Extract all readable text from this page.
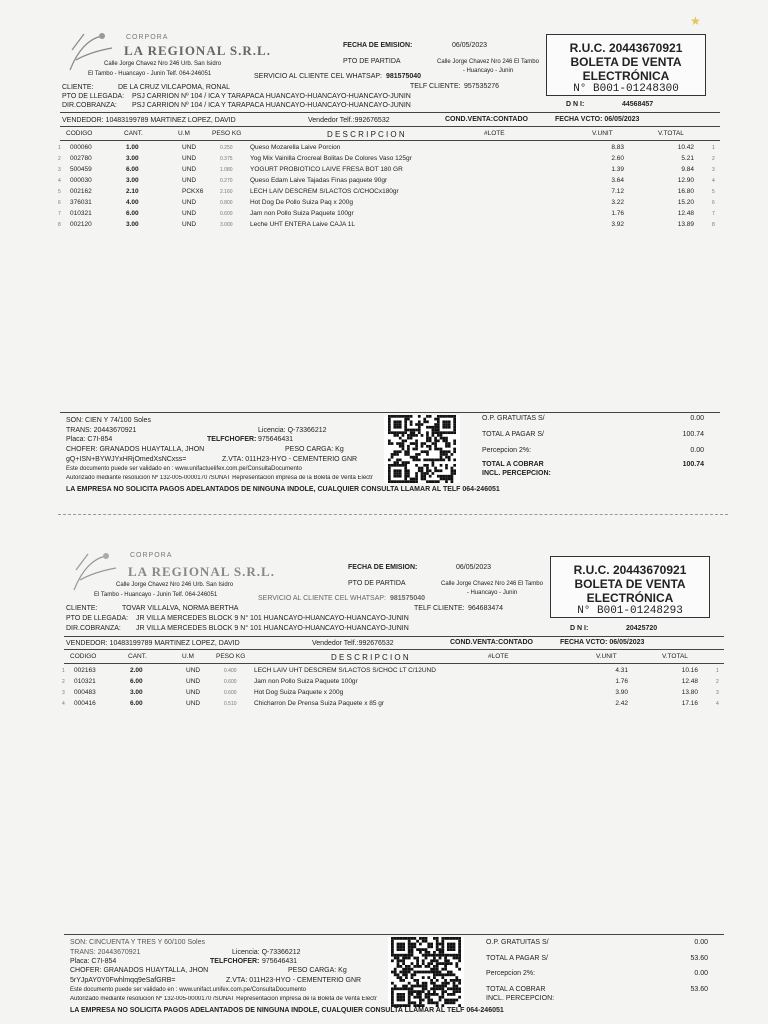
★
CORPORA
LA REGIONAL S.R.L.
Calle Jorge Chavez Nro 246 Urb. San Isidro
El Tambo - Huancayo - Junin Telf. 064-246051
FECHA DE EMISION:	06/05/2023
PTO DE PARTIDA	Calle Jorge Chavez Nro 246 El Tambo - Huancayo - Junin
SERVICIO AL CLIENTE CEL WHATSAP: 981575040
TELF CLIENTE: 957535276
R.U.C. 20443670921
BOLETA DE VENTA
ELECTRÓNICA
N° B001-01248300
D N I:	44568457
CLIENTE:	DE LA CRUZ VILCAPOMA, RONAL
PTO DE LLEGADA: PSJ CARRION Nº 104 / ICA Y TARAPACA HUANCAYO-HUANCAYO-HUANCAYO-JUNIN
DIR.COBRANZA: PSJ CARRION Nº 104 / ICA Y TARAPACA HUANCAYO-HUANCAYO-HUANCAYO-JUNIN
VENDEDOR: 10483199789 MARTINEZ LOPEZ, DAVID	Vendedor Telf.:992676532	COND.VENTA:CONTADO	FECHA VCTO: 06/05/2023
CODIGO	CANT.	U.M	PESO KG	D E S C R I P C I O N	#LOTE	V.UNIT	V.TOTAL
1 000060	1.00	UND	0.250	Queso Mozarella Laive Porcion	8.83	10.42	1
2 002780	3.00	UND	0.375	Yog Mix Vainilla Crocreal Bolitas De Colores Vaso 125gr	2.60	5.21	2
3 500459	6.00	UND	1.080	YOGURT PROBIOTICO LAIVE FRESA BOT 180 GR	1.39	9.84	3
4 000030	3.00	UND	0.270	Queso Edam Laive Tajadas Finas paquete 90gr	3.64	12.90	4
5 002162	2.10	PCKX6	2.160	LECH LAIV DESCREM S/LACTOS C/CHOCx180gr	7.12	16.80	5
6 376031	4.00	UND	0.800	Hot Dog De Pollo Suiza Paq x 200g	3.22	15.20	6
7 010321	6.00	UND	0.600	Jam non Pollo Suiza Paquete 100gr	1.76	12.48	7
8 002120	3.00	UND	3.000	Leche UHT ENTERA Laive CAJA 1L	3.92	13.89	8
SON: CIEN Y 74/100 Soles
TRANS: 20443670921	Licencia: Q-73366212
Placa: C7I-854	TELFCHOFER: 975646431
CHOFER: GRANADOS HUAYTALLA, JHON	PESO CARGA: Kg
gQ+ISN+BYWJYxHRjOmedXsNCxss=	Z.VTA: 011H23-HYO - CEMENTERIO GNR
Este documento puede ser validado en : www.unifactuelifex.com.pe/ConsultaDocumento
Autorizado mediante resolución Nº 132-005-0000170 /SUNAT Representacion impresa de la Boleta de Venta Electr
LA EMPRESA NO SOLICITA PAGOS ADELANTADOS DE NINGUNA INDOLE, CUALQUIER CONSULTA LLAMAR AL TELF 064-246051
O.P. GRATUITAS S/	0.00
TOTAL A PAGAR S/	100.74
Percepcion 2%:	0.00
TOTAL A COBRAR	100.74
INCL. PERCEPCION:
CORPORA
LA REGIONAL S.R.L.
Calle Jorge Chavez Nro 246 Urb. San Isidro
El Tambo - Huancayo - Junin Telf. 064-246051
FECHA DE EMISION:	06/05/2023
PTO DE PARTIDA	Calle Jorge Chavez Nro 246 El Tambo - Huancayo - Junin
SERVICIO AL CLIENTE CEL WHATSAP: 981575040
TELF CLIENTE: 964683474
R.U.C. 20443670921
BOLETA DE VENTA
ELECTRÓNICA
N° B001-01248293
D N I:	20425720
CLIENTE:	TOVAR VILLALVA, NORMA BERTHA
PTO DE LLEGADA: JR VILLA MERCEDES BLOCK 9 N° 101 HUANCAYO-HUANCAYO-HUANCAYO-JUNIN
DIR.COBRANZA: JR VILLA MERCEDES BLOCK 9 N° 101 HUANCAYO-HUANCAYO-HUANCAYO-JUNIN
VENDEDOR: 10483199789 MARTINEZ LOPEZ, DAVID	Vendedor Telf.:992676532	COND.VENTA:CONTADO	FECHA VCTO: 06/05/2023
CODIGO	CANT.	U.M	PESO KG	D E S C R I P C I O N	#LOTE	V.UNIT	V.TOTAL
1 002163	2.00	UND	0.400	LECH LAIV UHT DESCREM S/LACTOS S/CHOC LT C/12UND	4.31	10.16	1
2 010321	6.00	UND	0.600	Jam non Pollo Suiza Paquete 100gr	1.76	12.48	2
3 000483	3.00	UND	0.600	Hot Dog Suiza Paquete x 200g	3.90	13.80	3
4 000416	6.00	UND	0.510	Chicharron De Prensa Suiza Paquete x 85 gr	2.42	17.16	4
SON: CINCUENTA Y TRES Y 60/100 Soles
TRANS: 20443670921	Licencia: Q-73366212
Placa: C7I-854	TELFCHOFER: 975646431
CHOFER: GRANADOS HUAYTALLA, JHON	PESO CARGA: Kg
5rYJpAY0Y0Fwhlmqq9eSafGRB=	Z.VTA: 011H23-HYO - CEMENTERIO GNR
Este documento puede ser validado en : www.unifact.unifex.com.pe/ConsultaDocumento
Autorizado mediante resolución Nº 132-005-0000170 /SUNAT Representacion impresa de la Boleta de Venta Electr
LA EMPRESA NO SOLICITA PAGOS ADELANTADOS DE NINGUNA INDOLE, CUALQUIER CONSULTA LLAMAR AL TELF 064-246051
O.P. GRATUITAS S/	0.00
TOTAL A PAGAR S/	53.60
Percepcion 2%:	0.00
TOTAL A COBRAR	53.60
INCL. PERCEPCION:
